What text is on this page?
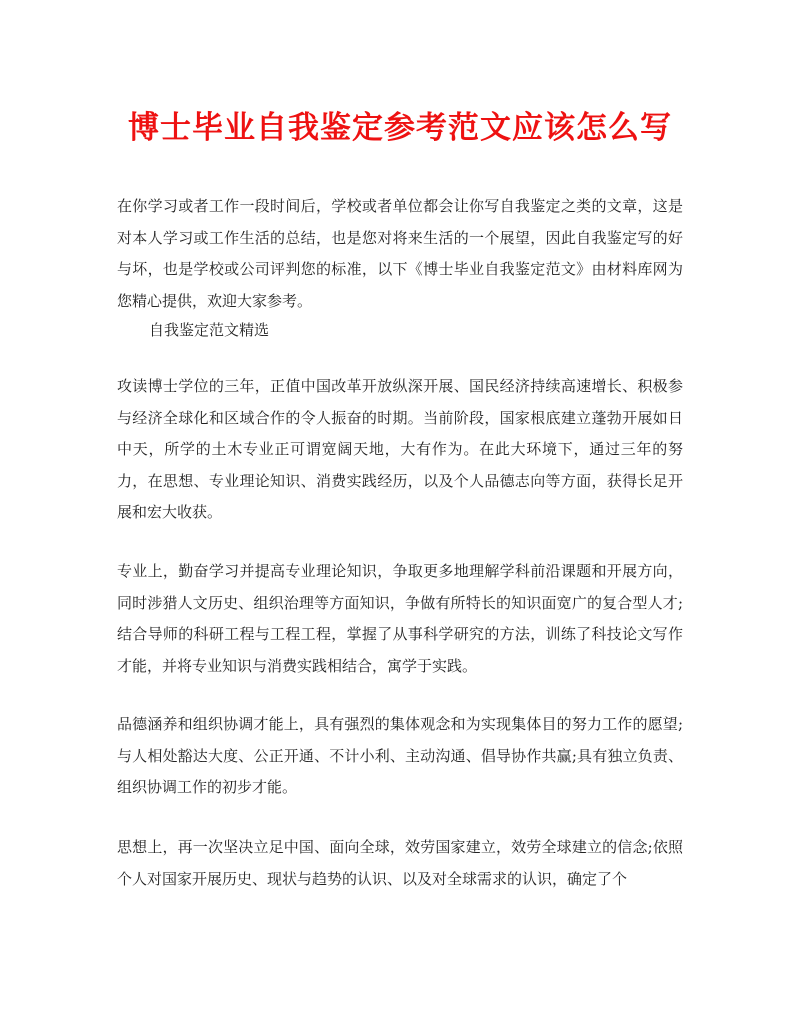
博士毕业自我鉴定参考范文应该怎么写

在你学习或者工作一段时间后，学校或者单位都会让你写自我鉴定之类的文章，这是对本人学习或工作生活的总结，也是您对将来生活的一个展望，因此自我鉴定写的好与坏，也是学校或公司评判您的标准，以下《博士毕业自我鉴定范文》由材料库网为您精心提供，欢迎大家参考。

自我鉴定范文精选

攻读博士学位的三年，正值中国改革开放纵深开展、国民经济持续高速增长、积极参与经济全球化和区域合作的令人振奋的时期。当前阶段，国家根底建立蓬勃开展如日中天，所学的土木专业正可谓宽阔天地，大有作为。在此大环境下，通过三年的努力，在思想、专业理论知识、消费实践经历，以及个人品德志向等方面，获得长足开展和宏大收获。

专业上，勤奋学习并提高专业理论知识，争取更多地理解学科前沿课题和开展方向，同时涉猎人文历史、组织治理等方面知识，争做有所特长的知识面宽广的复合型人才;结合导师的科研工程与工程工程，掌握了从事科学研究的方法，训练了科技论文写作才能，并将专业知识与消费实践相结合，寓学于实践。

品德涵养和组织协调才能上，具有强烈的集体观念和为实现集体目的努力工作的愿望;与人相处豁达大度、公正开通、不计小利、主动沟通、倡导协作共赢;具有独立负责、组织协调工作的初步才能。

思想上，再一次坚决立足中国、面向全球，效劳国家建立，效劳全球建立的信念;依照个人对国家开展历史、现状与趋势的认识、以及对全球需求的认识，确定了个
